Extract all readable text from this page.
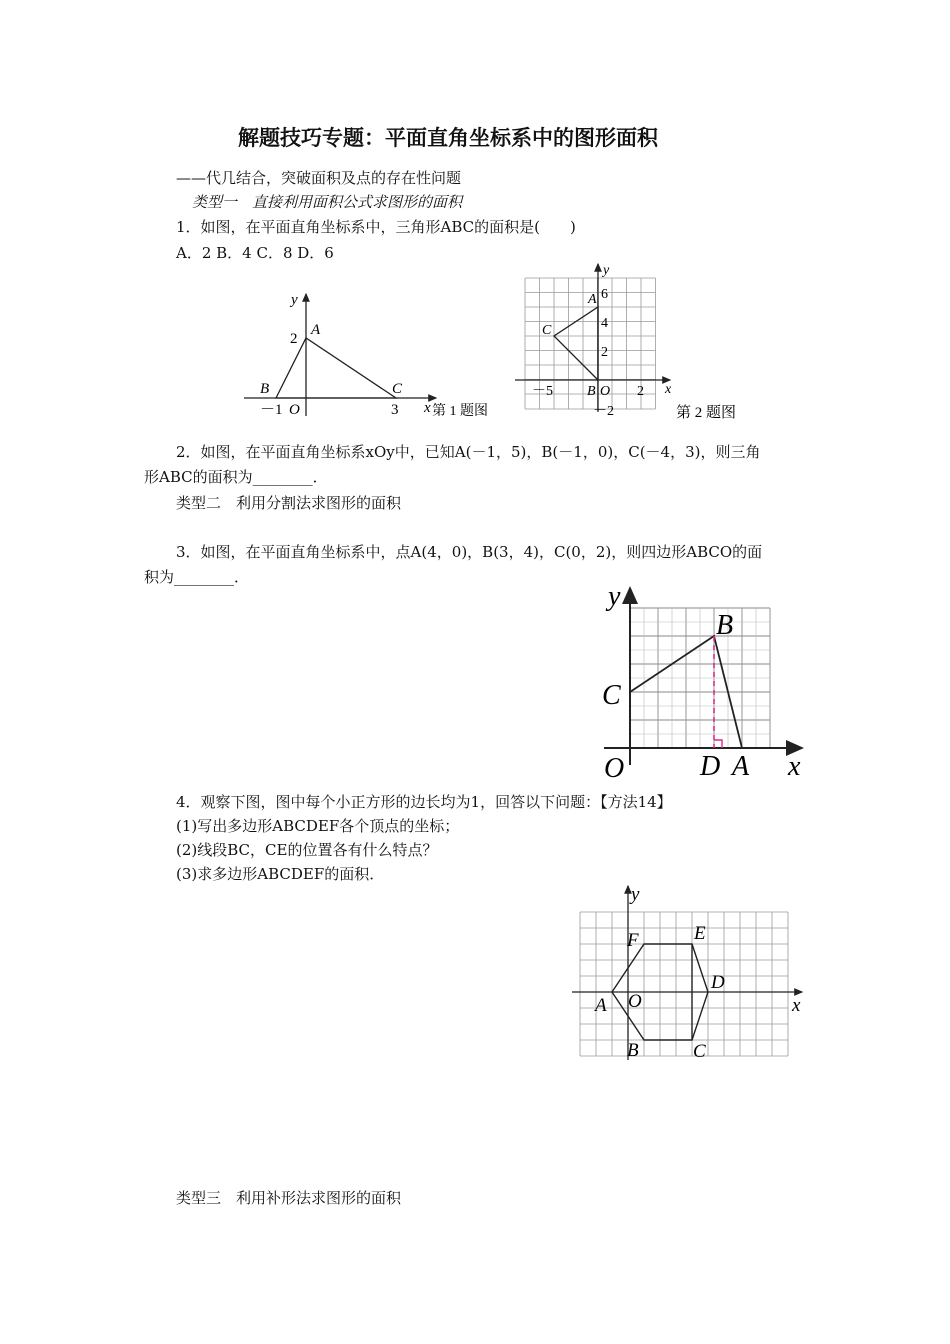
解题技巧专题：平面直角坐标系中的图形面积
——代几结合，突破面积及点的存在性问题
类型一　直接利用面积公式求图形的面积
1．如图，在平面直角坐标系中，三角形ABC的面积是(　　)
A．2 B．4 C．8 D．6
y
2
A
B	C
－1 O	3 x 第 1 题图
y
6
A
4
C
2
－5 B O 2 x
－2	第 2 题图
2．如图，在平面直角坐标系xOy中，已知A(－1，5)，B(－1，0)，C(－4，3)，则三角
形ABC的面积为________．
类型二　利用分割法求图形的面积
3．如图，在平面直角坐标系中，点A(4，0)，B(3，4)，C(0，2)，则四边形ABCO的面
积为________．
y
B
C
O	D A x
4．观察下图，图中每个小正方形的边长均为1，回答以下问题：【方法14】
(1)写出多边形ABCDEF各个顶点的坐标；
(2)线段BC，CE的位置各有什么特点？
(3)求多边形ABCDEF的面积．
y
F	E
D
A O	x
B	C
类型三　利用补形法求图形的面积
